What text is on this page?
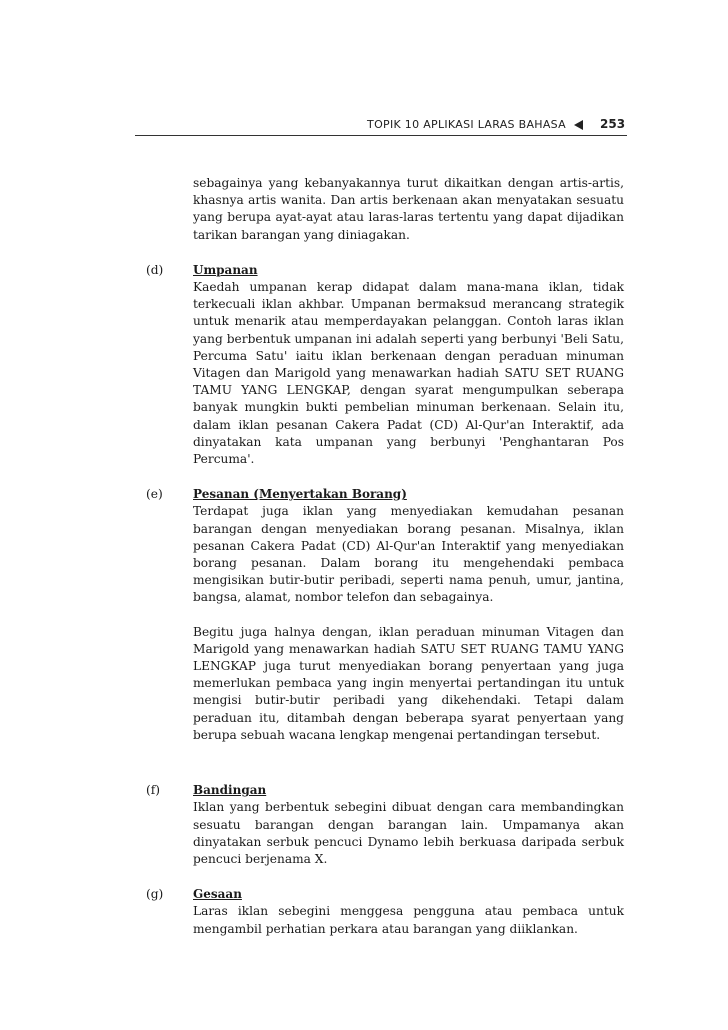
TOPIK 10 APLIKASI LARAS BAHASA	253
sebagainya yang kebanyakannya turut dikaitkan dengan artis-artis, khasnya artis wanita. Dan artis berkenaan akan menyatakan sesuatu yang berupa ayat-ayat atau laras-laras tertentu yang dapat dijadikan tarikan barangan yang diniagakan.
(d)	Umpanan
Kaedah umpanan kerap didapat dalam mana-mana iklan, tidak terkecuali iklan akhbar. Umpanan bermaksud merancang strategik untuk menarik atau memperdayakan pelanggan. Contoh laras iklan yang berbentuk umpanan ini adalah seperti yang berbunyi 'Beli Satu, Percuma Satu' iaitu iklan berkenaan dengan peraduan minuman Vitagen dan Marigold yang menawarkan hadiah SATU SET RUANG TAMU YANG LENGKAP, dengan syarat mengumpulkan seberapa banyak mungkin bukti pembelian minuman berkenaan. Selain itu, dalam iklan pesanan Cakera Padat (CD) Al-Qur'an Interaktif, ada dinyatakan kata umpanan yang berbunyi 'Penghantaran Pos Percuma'.
(e)	Pesanan (Menyertakan Borang)
Terdapat juga iklan yang menyediakan kemudahan pesanan barangan dengan menyediakan borang pesanan. Misalnya, iklan pesanan Cakera Padat (CD) Al-Qur'an Interaktif yang menyediakan borang pesanan. Dalam borang itu mengehendaki pembaca mengisikan butir-butir peribadi, seperti nama penuh, umur, jantina, bangsa, alamat, nombor telefon dan sebagainya.
Begitu juga halnya dengan, iklan peraduan minuman Vitagen dan Marigold yang menawarkan hadiah SATU SET RUANG TAMU YANG LENGKAP juga turut menyediakan borang penyertaan yang juga memerlukan pembaca yang ingin menyertai pertandingan itu untuk mengisi butir-butir peribadi yang dikehendaki. Tetapi dalam peraduan itu, ditambah dengan beberapa syarat penyertaan yang berupa sebuah wacana lengkap mengenai pertandingan tersebut.
(f)	Bandingan
Iklan yang berbentuk sebegini dibuat dengan cara membandingkan sesuatu barangan dengan barangan lain. Umpamanya akan dinyatakan serbuk pencuci Dynamo lebih berkuasa daripada serbuk pencuci berjenama X.
(g)	Gesaan
Laras iklan sebegini menggesa pengguna atau pembaca untuk mengambil perhatian perkara atau barangan yang diiklankan.
